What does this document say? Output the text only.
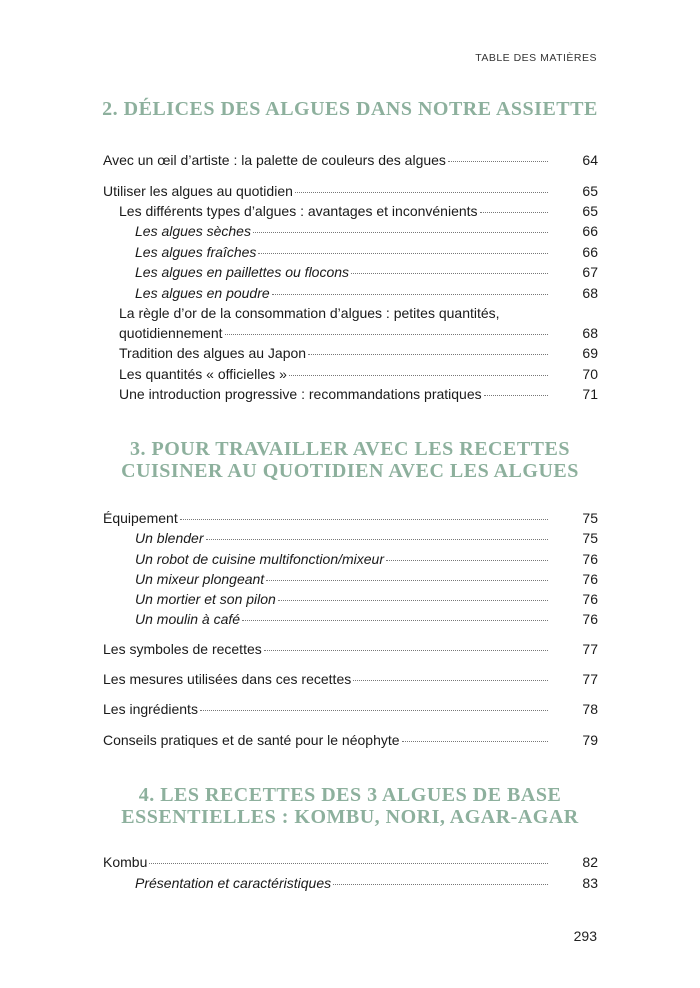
TABLE DES MATIÈRES
2. DÉLICES DES ALGUES DANS NOTRE ASSIETTE
3. POUR TRAVAILLER AVEC LES RECETTES
CUISINER AU QUOTIDIEN AVEC LES ALGUES
4. LES RECETTES DES 3 ALGUES DE BASE
ESSENTIELLES : KOMBU, NORI, AGAR-AGAR
Avec un œil d’artiste : la palette de couleurs des algues	64
Utiliser les algues au quotidien	65
Les différents types d’algues : avantages et inconvénients	65
Les algues sèches	66
Les algues fraîches	66
Les algues en paillettes ou flocons	67
Les algues en poudre	68
La règle d’or de la consommation d’algues : petites quantités,
quotidiennement	68
Tradition des algues au Japon	69
Les quantités « officielles »	70
Une introduction progressive : recommandations pratiques	71
Équipement	75
Un blender	75
Un robot de cuisine multifonction/mixeur	76
Un mixeur plongeant	76
Un mortier et son pilon	76
Un moulin à café	76
Les symboles de recettes	77
Les mesures utilisées dans ces recettes	77
Les ingrédients	78
Conseils pratiques et de santé pour le néophyte	79
Kombu	82
Présentation et caractéristiques	83
293
